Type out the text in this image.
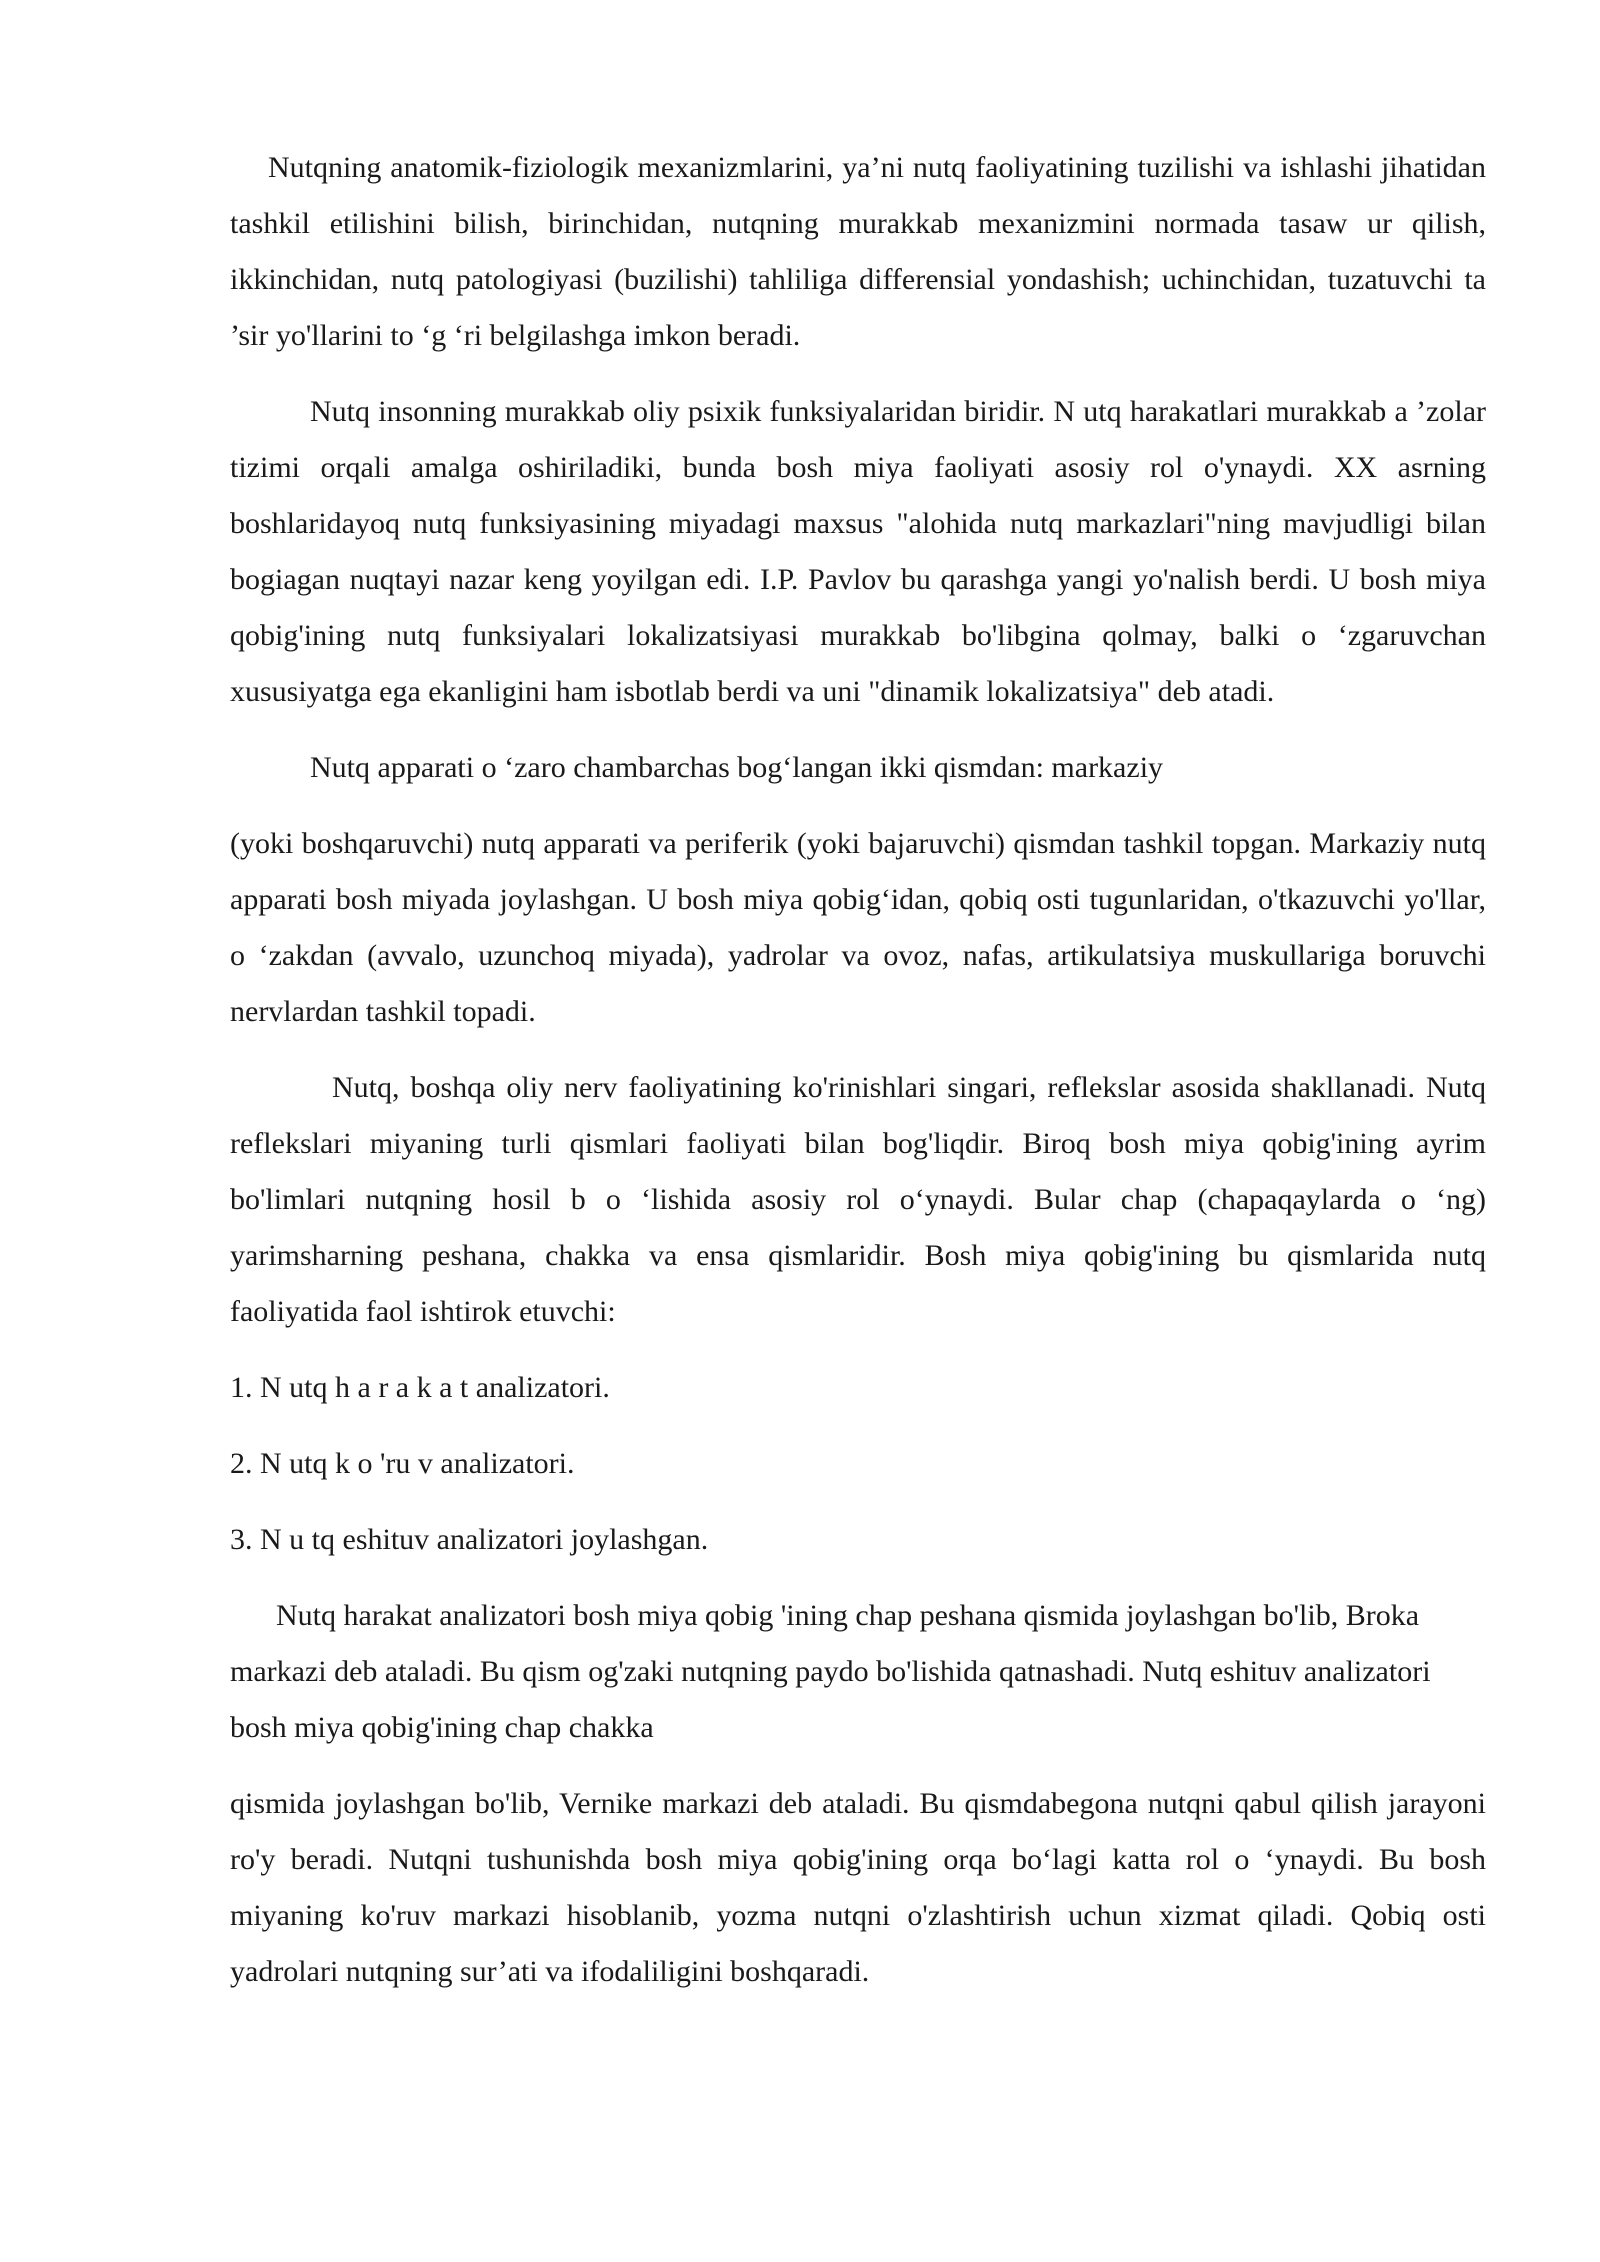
Nutqning anatomik-fiziologik mexanizmlarini, ya’ni nutq faoliyatining tuzilishi va ishlashi jihatidan tashkil etilishini bilish, birinchidan, nutqning murakkab mexanizmini normada tasaw ur qilish, ikkinchidan, nutq patologiyasi (buzilishi) tahliliga differensial yondashish; uchinchidan, tuzatuvchi ta ’sir yo'llarini to ‘g ‘ri belgilashga imkon beradi.

Nutq insonning murakkab oliy psixik funksiyalaridan biridir. N utq harakatlari murakkab a ’zolar tizimi orqali amalga oshiriladiki, bunda bosh miya faoliyati asosiy rol o'ynaydi. XX asrning boshlaridayoq nutq funksiyasining miyadagi maxsus "alohida nutq markazlari"ning mavjudligi bilan bogiagan nuqtayi nazar keng yoyilgan edi. I.P. Pavlov bu qarashga yangi yo'nalish berdi. U bosh miya qobig'ining nutq funksiyalari lokalizatsiyasi murakkab bo'libgina qolmay, balki o ‘zgaruvchan xususiyatga ega ekanligini ham isbotlab berdi va uni "dinamik lokalizatsiya" deb atadi.

Nutq apparati o ‘zaro chambarchas bog‘langan ikki qismdan: markaziy

(yoki boshqaruvchi) nutq apparati va periferik (yoki bajaruvchi) qismdan tashkil topgan. Markaziy nutq apparati bosh miyada joylashgan. U bosh miya qobig‘idan, qobiq osti tugunlaridan, o'tkazuvchi yo'llar, o ‘zakdan (avvalo, uzunchoq miyada), yadrolar va ovoz, nafas, artikulatsiya muskullariga boruvchi nervlardan tashkil topadi.

Nutq, boshqa oliy nerv faoliyatining ko'rinishlari singari, reflekslar asosida shakllanadi. Nutq reflekslari miyaning turli qismlari faoliyati bilan bog'liqdir. Biroq bosh miya qobig'ining ayrim bo'limlari nutqning hosil b o ‘lishida asosiy rol o‘ynaydi. Bular chap (chapaqaylarda o ‘ng) yarimsharning peshana, chakka va ensa qismlaridir. Bosh miya qobig'ining bu qismlarida nutq faoliyatida faol ishtirok etuvchi:

1. N utq h a r a k a t analizatori.

2. N utq k o 'ru v analizatori.

3. N u tq eshituv analizatori joylashgan.

Nutq harakat analizatori bosh miya qobig 'ining chap peshana qismida joylashgan bo'lib, Broka markazi deb ataladi. Bu qism og'zaki nutqning paydo bo'lishida qatnashadi. Nutq eshituv analizatori bosh miya qobig'ining chap chakka

qismida joylashgan bo'lib, Vernike markazi deb ataladi. Bu qismdabegona nutqni qabul qilish jarayoni ro'y beradi. Nutqni tushunishda bosh miya qobig'ining orqa bo‘lagi katta rol o ‘ynaydi. Bu bosh miyaning ko'ruv markazi hisoblanib, yozma nutqni o'zlashtirish uchun xizmat qiladi. Qobiq osti yadrolari nutqning sur’ati va ifodaliligini boshqaradi.
